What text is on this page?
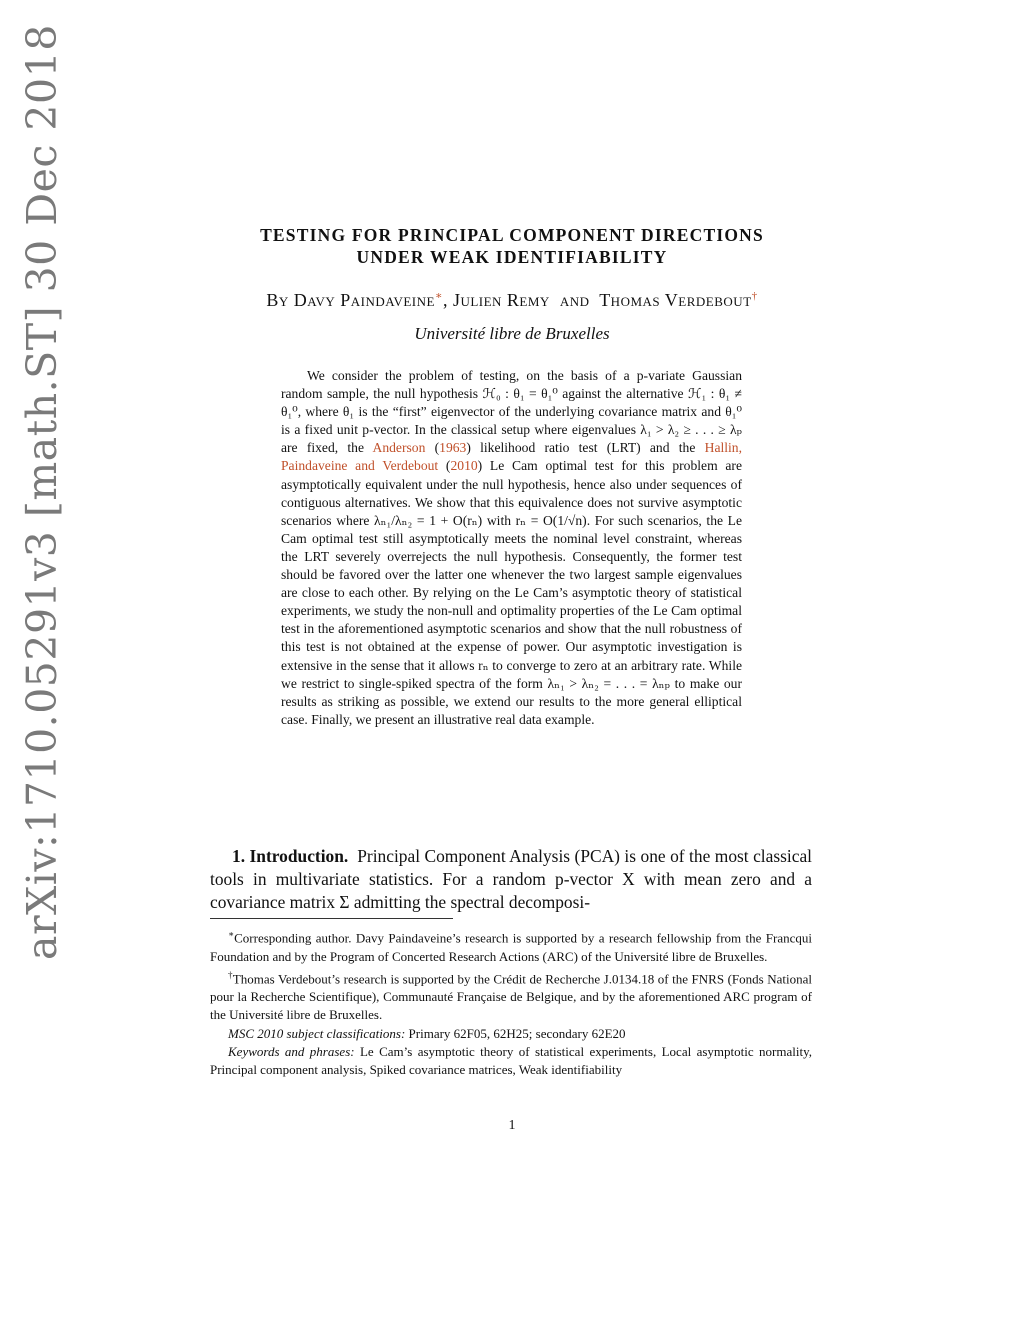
arXiv:1710.05291v3 [math.ST] 30 Dec 2018	TESTING FOR PRINCIPAL COMPONENT DIRECTIONS
UNDER WEAK IDENTIFIABILITY
By Davy Paindaveine∗, Julien Remy and Thomas Verdebout†
Université libre de Bruxelles

We consider the problem of testing, on the basis of a p-variate Gaussian random sample, the null hypothesis ℋ₀ : θ₁ = θ₁⁰ against the alternative ℋ₁ : θ₁ ≠ θ₁⁰, where θ₁ is the “first” eigenvector of the underlying covariance matrix and θ₁⁰ is a fixed unit p-vector. In the classical setup where eigenvalues λ₁ > λ₂ ≥ . . . ≥ λₚ are fixed, the Anderson (1963) likelihood ratio test (LRT) and the Hallin, Paindaveine and Verdebout (2010) Le Cam optimal test for this problem are asymptotically equivalent under the null hypothesis, hence also under sequences of contiguous alternatives. We show that this equivalence does not survive asymptotic scenarios where λₙ₁/λₙ₂ = 1 + O(rₙ) with rₙ = O(1/√n). For such scenarios, the Le Cam optimal test still asymptotically meets the nominal level constraint, whereas the LRT severely overrejects the null hypothesis. Consequently, the former test should be favored over the latter one whenever the two largest sample eigenvalues are close to each other. By relying on the Le Cam’s asymptotic theory of statistical experiments, we study the non-null and optimality properties of the Le Cam optimal test in the aforementioned asymptotic scenarios and show that the null robustness of this test is not obtained at the expense of power. Our asymptotic investigation is extensive in the sense that it allows rₙ to converge to zero at an arbitrary rate. While we restrict to single-spiked spectra of the form λₙ₁ > λₙ₂ = . . . = λₙₚ to make our results as striking as possible, we extend our results to the more general elliptical case. Finally, we present an illustrative real data example.

1. Introduction. Principal Component Analysis (PCA) is one of the most classical tools in multivariate statistics. For a random p-vector X with mean zero and a covariance matrix Σ admitting the spectral decomposi-

∗Corresponding author. Davy Paindaveine’s research is supported by a research fellowship from the Francqui Foundation and by the Program of Concerted Research Actions (ARC) of the Université libre de Bruxelles.

†Thomas Verdebout’s research is supported by the Crédit de Recherche J.0134.18 of the FNRS (Fonds National pour la Recherche Scientifique), Communauté Française de Belgique, and by the aforementioned ARC program of the Université libre de Bruxelles.

MSC 2010 subject classifications: Primary 62F05, 62H25; secondary 62E20

Keywords and phrases: Le Cam’s asymptotic theory of statistical experiments, Local asymptotic normality, Principal component analysis, Spiked covariance matrices, Weak identifiability

1
